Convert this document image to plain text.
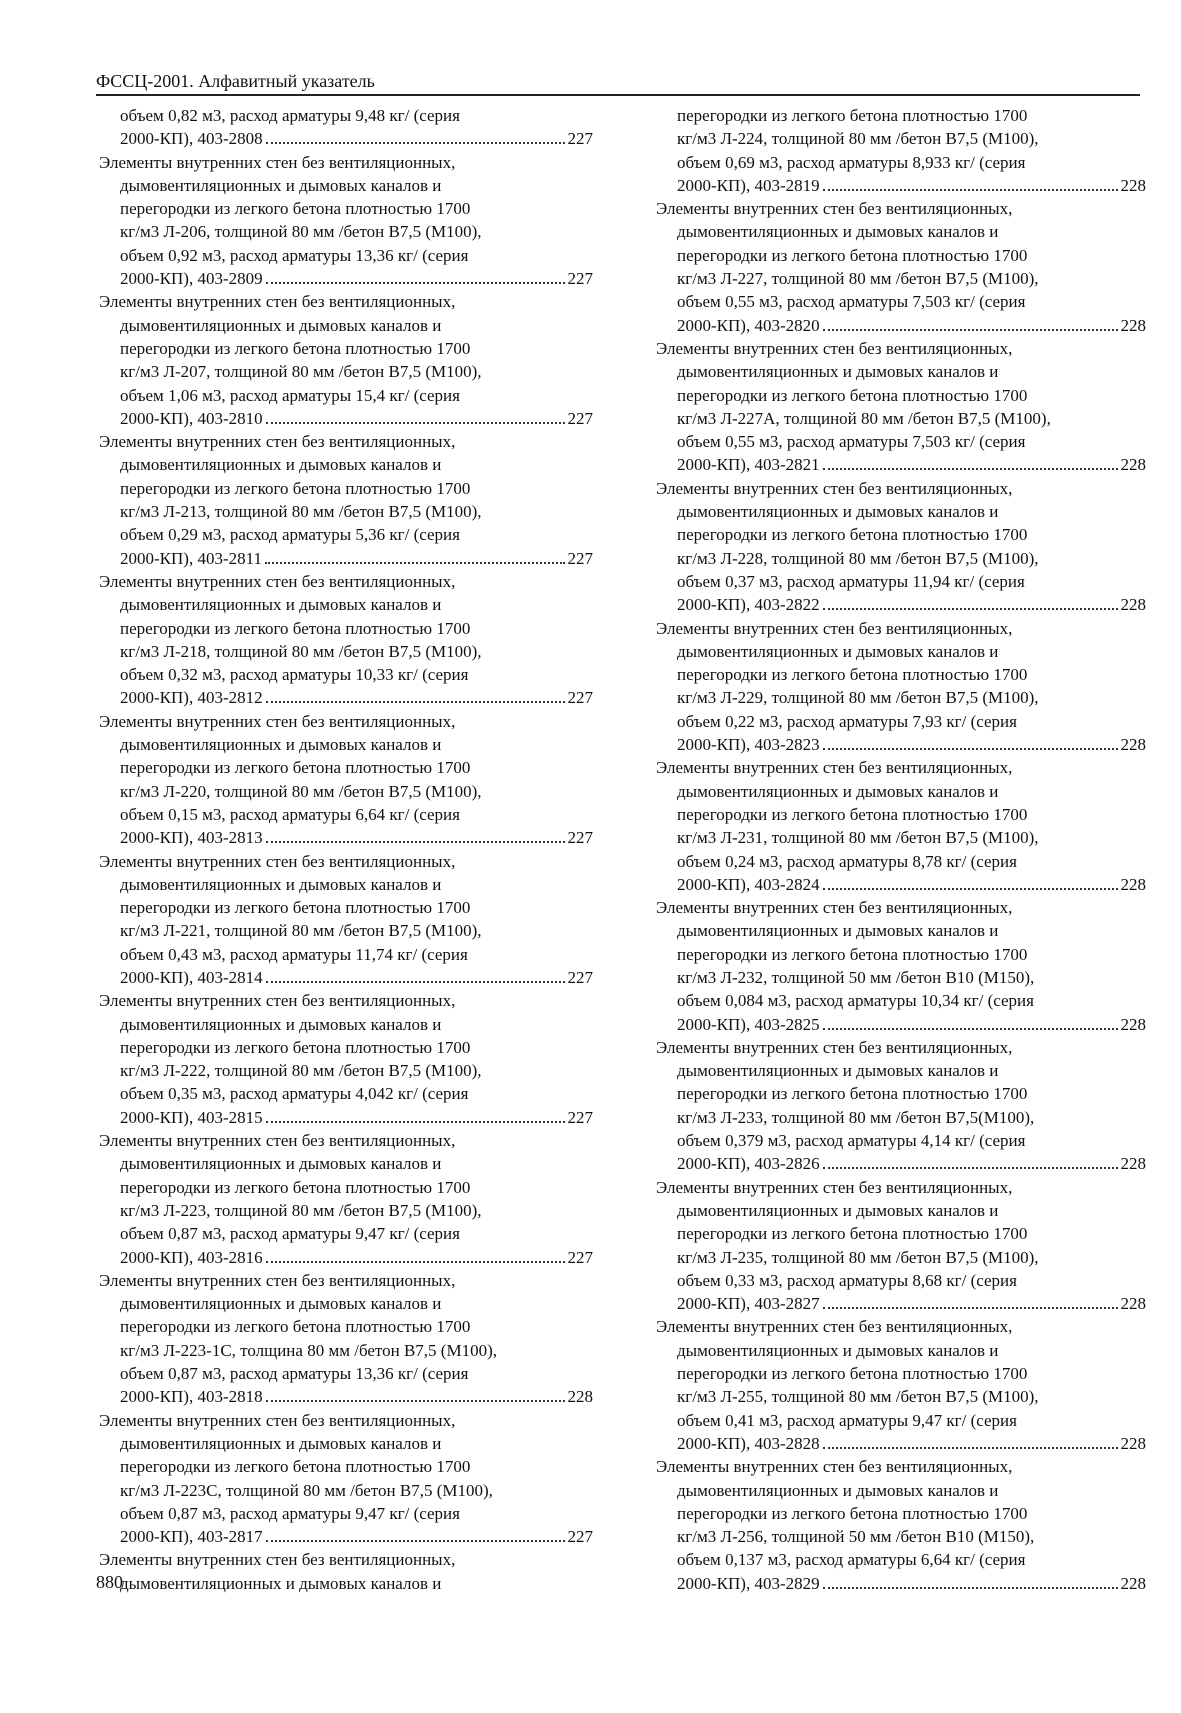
ФССЦ-2001. Алфавитный указатель
объем 0,82 м3, расход арматуры 9,48 кг/ (серия
2000-КП), 403-2808	227
Элементы внутренних стен без вентиляционных,
дымовентиляционных и дымовых каналов и
перегородки из легкого бетона плотностью 1700
кг/м3 Л-206, толщиной 80 мм /бетон В7,5 (М100),
объем 0,92 м3, расход арматуры 13,36 кг/ (серия
2000-КП), 403-2809	227
Элементы внутренних стен без вентиляционных,
дымовентиляционных и дымовых каналов и
перегородки из легкого бетона плотностью 1700
кг/м3 Л-207, толщиной 80 мм /бетон В7,5 (М100),
объем 1,06 м3, расход арматуры 15,4 кг/ (серия
2000-КП), 403-2810	227
Элементы внутренних стен без вентиляционных,
дымовентиляционных и дымовых каналов и
перегородки из легкого бетона плотностью 1700
кг/м3 Л-213, толщиной 80 мм /бетон В7,5 (М100),
объем 0,29 м3, расход арматуры 5,36 кг/ (серия
2000-КП), 403-2811	227
Элементы внутренних стен без вентиляционных,
дымовентиляционных и дымовых каналов и
перегородки из легкого бетона плотностью 1700
кг/м3 Л-218, толщиной 80 мм /бетон В7,5 (М100),
объем 0,32 м3, расход арматуры 10,33 кг/ (серия
2000-КП), 403-2812	227
Элементы внутренних стен без вентиляционных,
дымовентиляционных и дымовых каналов и
перегородки из легкого бетона плотностью 1700
кг/м3 Л-220, толщиной 80 мм /бетон В7,5 (М100),
объем 0,15 м3, расход арматуры 6,64 кг/ (серия
2000-КП), 403-2813	227
Элементы внутренних стен без вентиляционных,
дымовентиляционных и дымовых каналов и
перегородки из легкого бетона плотностью 1700
кг/м3 Л-221, толщиной 80 мм /бетон В7,5 (М100),
объем 0,43 м3, расход арматуры 11,74 кг/ (серия
2000-КП), 403-2814	227
Элементы внутренних стен без вентиляционных,
дымовентиляционных и дымовых каналов и
перегородки из легкого бетона плотностью 1700
кг/м3 Л-222, толщиной 80 мм /бетон В7,5 (М100),
объем 0,35 м3, расход арматуры 4,042 кг/ (серия
2000-КП), 403-2815	227
Элементы внутренних стен без вентиляционных,
дымовентиляционных и дымовых каналов и
перегородки из легкого бетона плотностью 1700
кг/м3 Л-223, толщиной 80 мм /бетон В7,5 (М100),
объем 0,87 м3, расход арматуры 9,47 кг/ (серия
2000-КП), 403-2816	227
Элементы внутренних стен без вентиляционных,
дымовентиляционных и дымовых каналов и
перегородки из легкого бетона плотностью 1700
кг/м3 Л-223-1С, толщина 80 мм /бетон В7,5 (М100),
объем 0,87 м3, расход арматуры 13,36 кг/ (серия
2000-КП), 403-2818	228
Элементы внутренних стен без вентиляционных,
дымовентиляционных и дымовых каналов и
перегородки из легкого бетона плотностью 1700
кг/м3 Л-223С, толщиной 80 мм /бетон В7,5 (М100),
объем 0,87 м3, расход арматуры 9,47 кг/ (серия
2000-КП), 403-2817	227
Элементы внутренних стен без вентиляционных,
дымовентиляционных и дымовых каналов и
перегородки из легкого бетона плотностью 1700
кг/м3 Л-224, толщиной 80 мм /бетон В7,5 (М100),
объем 0,69 м3, расход арматуры 8,933 кг/ (серия
2000-КП), 403-2819	228
Элементы внутренних стен без вентиляционных,
дымовентиляционных и дымовых каналов и
перегородки из легкого бетона плотностью 1700
кг/м3 Л-227, толщиной 80 мм /бетон В7,5 (М100),
объем 0,55 м3, расход арматуры 7,503 кг/ (серия
2000-КП), 403-2820	228
Элементы внутренних стен без вентиляционных,
дымовентиляционных и дымовых каналов и
перегородки из легкого бетона плотностью 1700
кг/м3 Л-227А, толщиной 80 мм /бетон В7,5 (М100),
объем 0,55 м3, расход арматуры 7,503 кг/ (серия
2000-КП), 403-2821	228
Элементы внутренних стен без вентиляционных,
дымовентиляционных и дымовых каналов и
перегородки из легкого бетона плотностью 1700
кг/м3 Л-228, толщиной 80 мм /бетон В7,5 (М100),
объем 0,37 м3, расход арматуры 11,94 кг/ (серия
2000-КП), 403-2822	228
Элементы внутренних стен без вентиляционных,
дымовентиляционных и дымовых каналов и
перегородки из легкого бетона плотностью 1700
кг/м3 Л-229, толщиной 80 мм /бетон В7,5 (М100),
объем 0,22 м3, расход арматуры 7,93 кг/ (серия
2000-КП), 403-2823	228
Элементы внутренних стен без вентиляционных,
дымовентиляционных и дымовых каналов и
перегородки из легкого бетона плотностью 1700
кг/м3 Л-231, толщиной 80 мм /бетон В7,5 (М100),
объем 0,24 м3, расход арматуры 8,78 кг/ (серия
2000-КП), 403-2824	228
Элементы внутренних стен без вентиляционных,
дымовентиляционных и дымовых каналов и
перегородки из легкого бетона плотностью 1700
кг/м3 Л-232, толщиной 50 мм /бетон В10 (М150),
объем 0,084 м3, расход арматуры 10,34 кг/ (серия
2000-КП), 403-2825	228
Элементы внутренних стен без вентиляционных,
дымовентиляционных и дымовых каналов и
перегородки из легкого бетона плотностью 1700
кг/м3 Л-233, толщиной 80 мм /бетон В7,5(М100),
объем 0,379 м3, расход арматуры 4,14 кг/ (серия
2000-КП), 403-2826	228
Элементы внутренних стен без вентиляционных,
дымовентиляционных и дымовых каналов и
перегородки из легкого бетона плотностью 1700
кг/м3 Л-235, толщиной 80 мм /бетон В7,5 (М100),
объем 0,33 м3, расход арматуры 8,68 кг/ (серия
2000-КП), 403-2827	228
Элементы внутренних стен без вентиляционных,
дымовентиляционных и дымовых каналов и
перегородки из легкого бетона плотностью 1700
кг/м3 Л-255, толщиной 80 мм /бетон В7,5 (М100),
объем 0,41 м3, расход арматуры 9,47 кг/ (серия
2000-КП), 403-2828	228
Элементы внутренних стен без вентиляционных,
дымовентиляционных и дымовых каналов и
перегородки из легкого бетона плотностью 1700
кг/м3 Л-256, толщиной 50 мм /бетон В10 (М150),
объем 0,137 м3, расход арматуры 6,64 кг/ (серия
2000-КП), 403-2829	228
880
